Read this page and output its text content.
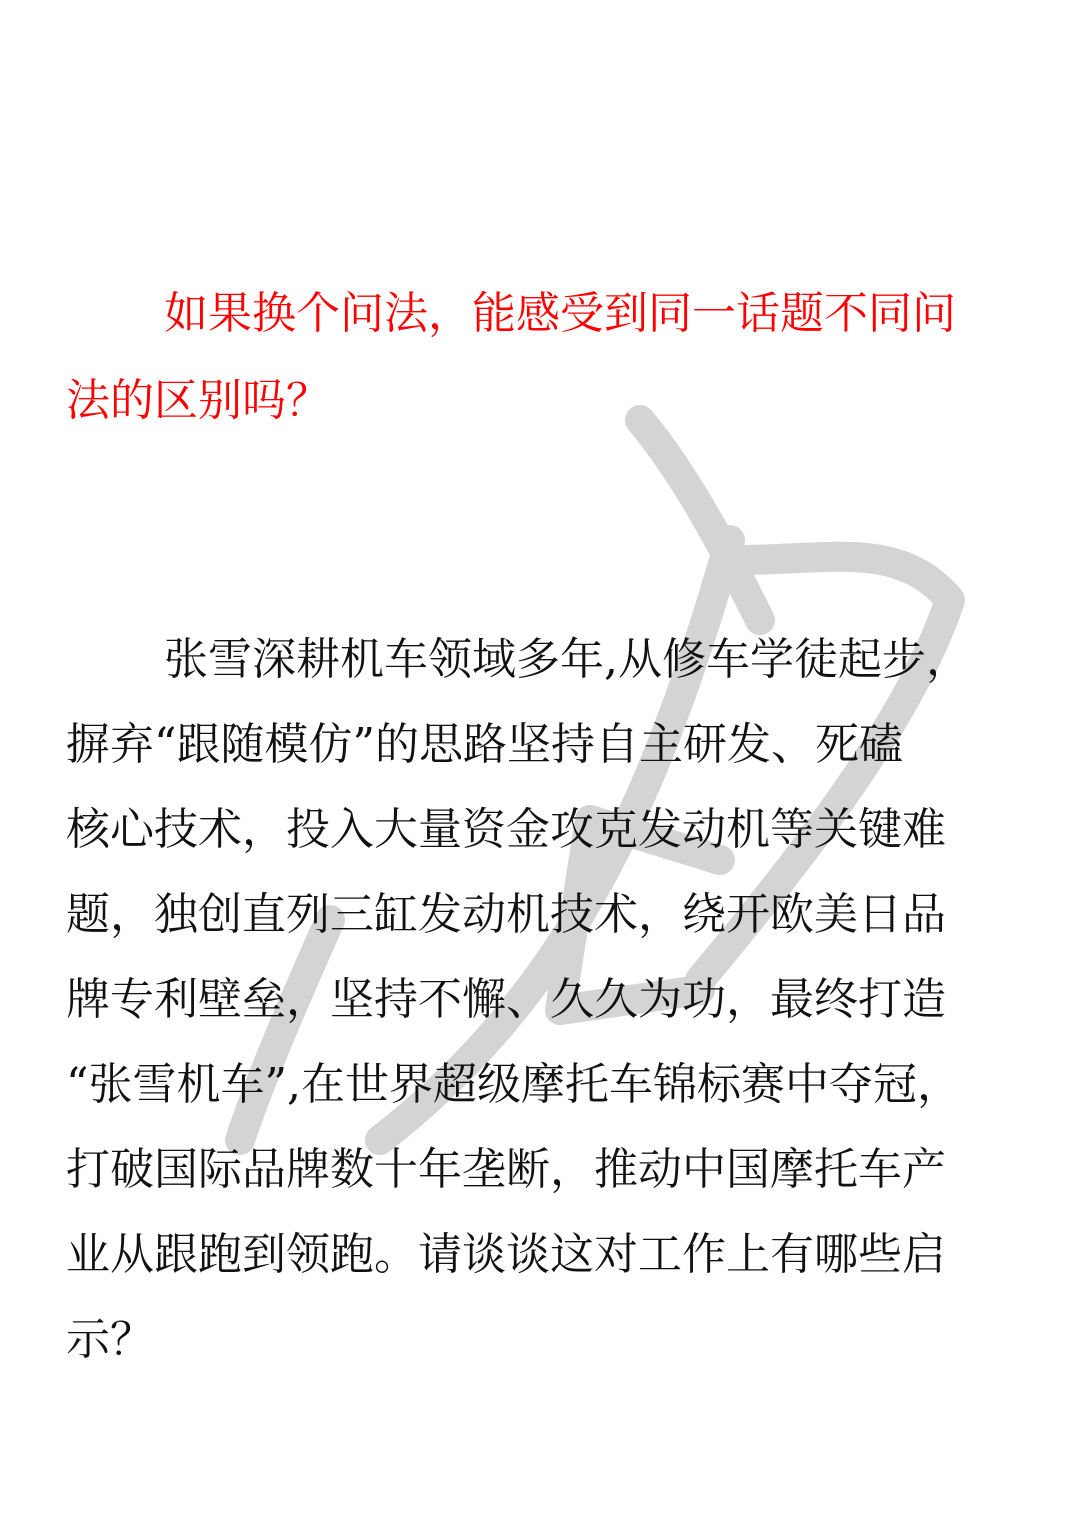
如果换个问法，能感受到同一话题不同问

法的区别吗？

张雪深耕机车领域多年,从修车学徒起步，

摒弃“跟随模仿”的思路坚持自主研发、死磕

核心技术，投入大量资金攻克发动机等关键难

题，独创直列三缸发动机技术，绕开欧美日品

牌专利壁垒，坚持不懈、久久为功，最终打造

“张雪机车”,在世界超级摩托车锦标赛中夺冠，

打破国际品牌数十年垄断，推动中国摩托车产

业从跟跑到领跑。请谈谈这对工作上有哪些启

示？
